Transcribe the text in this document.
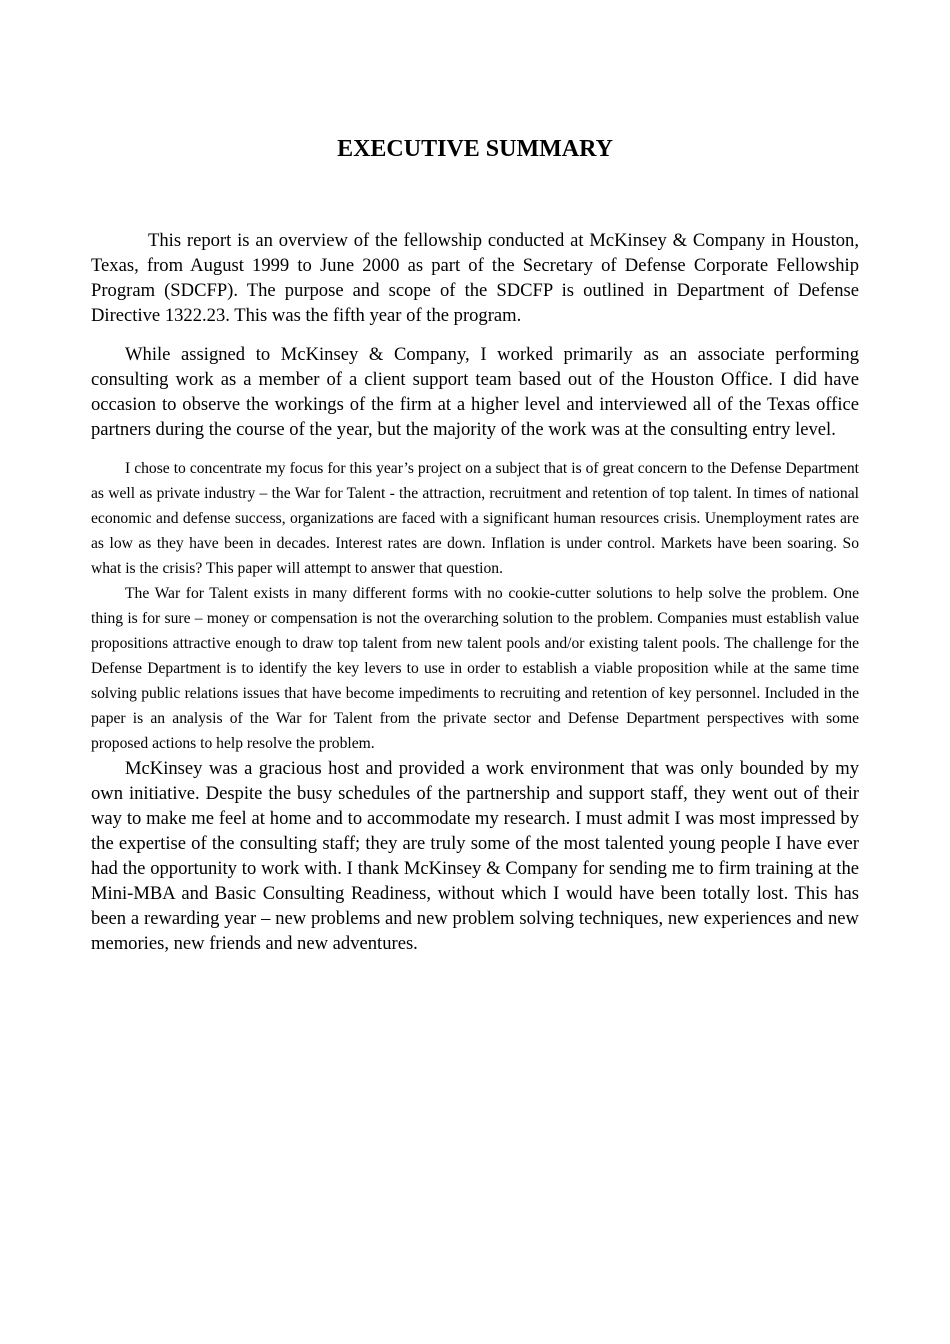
EXECUTIVE SUMMARY

This report is an overview of the fellowship conducted at McKinsey & Company in Houston, Texas, from August 1999 to June 2000 as part of the Secretary of Defense Corporate Fellowship Program (SDCFP). The purpose and scope of the SDCFP is outlined in Department of Defense Directive 1322.23. This was the fifth year of the program.

While assigned to McKinsey & Company, I worked primarily as an associate performing consulting work as a member of a client support team based out of the Houston Office. I did have occasion to observe the workings of the firm at a higher level and interviewed all of the Texas office partners during the course of the year, but the majority of the work was at the consulting entry level.

I chose to concentrate my focus for this year’s project on a subject that is of great concern to the Defense Department as well as private industry – the War for Talent - the attraction, recruitment and retention of top talent. In times of national economic and defense success, organizations are faced with a significant human resources crisis. Unemployment rates are as low as they have been in decades. Interest rates are down. Inflation is under control. Markets have been soaring. So what is the crisis? This paper will attempt to answer that question.

The War for Talent exists in many different forms with no cookie-cutter solutions to help solve the problem. One thing is for sure – money or compensation is not the overarching solution to the problem. Companies must establish value propositions attractive enough to draw top talent from new talent pools and/or existing talent pools. The challenge for the Defense Department is to identify the key levers to use in order to establish a viable proposition while at the same time solving public relations issues that have become impediments to recruiting and retention of key personnel. Included in the paper is an analysis of the War for Talent from the private sector and Defense Department perspectives with some proposed actions to help resolve the problem.

McKinsey was a gracious host and provided a work environment that was only bounded by my own initiative. Despite the busy schedules of the partnership and support staff, they went out of their way to make me feel at home and to accommodate my research. I must admit I was most impressed by the expertise of the consulting staff; they are truly some of the most talented young people I have ever had the opportunity to work with. I thank McKinsey & Company for sending me to firm training at the Mini-MBA and Basic Consulting Readiness, without which I would have been totally lost. This has been a rewarding year – new problems and new problem solving techniques, new experiences and new memories, new friends and new adventures.
